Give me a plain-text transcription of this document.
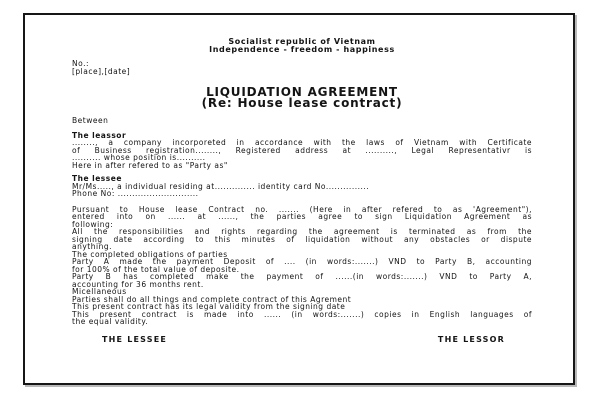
Socialist republic of Vietnam
Independence - freedom - happiness
No.:
[place],[date]
LIQUIDATION AGREEMENT
(Re: House lease contract)
Between
The leassor
........, a company incorporeted in accordance with the laws of Vietnam with Certificate
of Business registration........, Registered address at .........., Legal Representativr is
.......... whose position is..........
Here in after refered to as "Party as"
The lessee
Mr/Ms....., a individual residing at.............. identity card No...............
Phone No: ............................
Pursuant to House lease Contract no. ....... (Here in after refered to as 'Agreement"),
entered into on ...... at ......, the parties agree to sign Liquidation Agreement as
following:
All the responsibilities and rights regarding the agreement is terminated as from the
signing date according to this minutes of liquidation without any obstacles or dispute
anything.
The completed obligations of parties
Party A made the payment Deposit of .... (in words:.......) VND to Party B, accounting
for 100% of the total value of deposite.
Party B has completed make the payment of ......(in words:.......) VND to Party A,
accounting for 36 months rent.
Micellaneous
Parties shall do all things and complete contract of this Agrement
This present contract has its legal validity from the signing date
This present contract is made into ...... (in words:.......) copies in English languages of
the equal validity.
THE LESSEE	THE LESSOR
